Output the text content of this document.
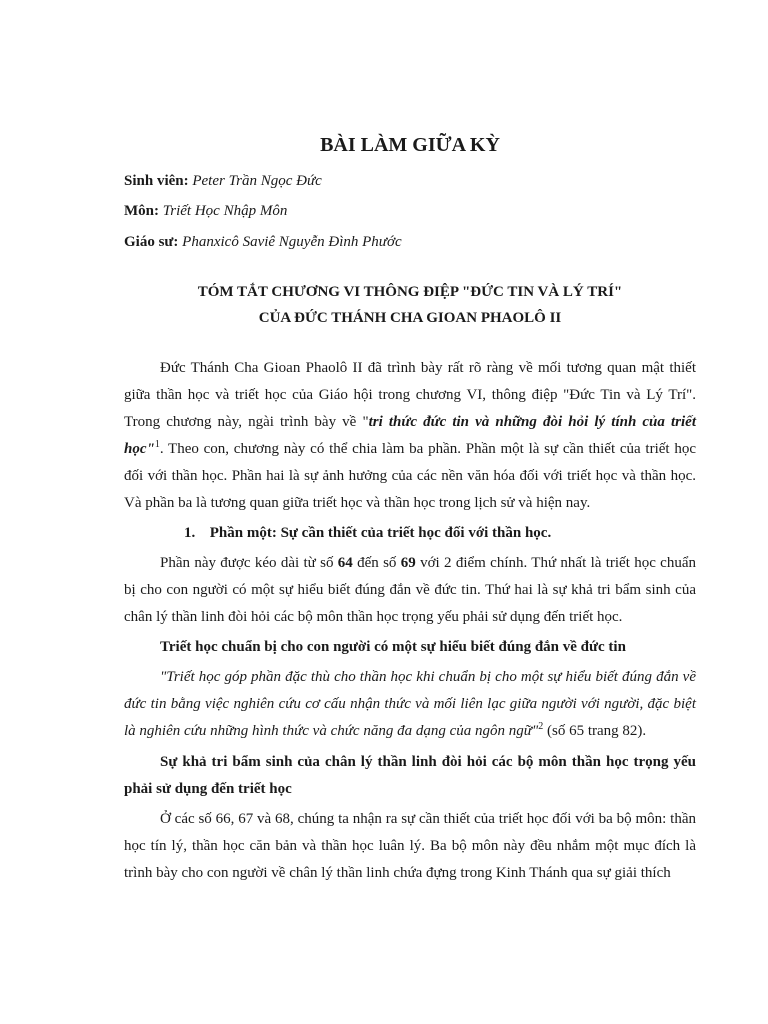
BÀI LÀM GIỮA KỲ
Sinh viên: Peter Trần Ngọc Đức
Môn: Triết Học Nhập Môn
Giáo sư: Phanxicô Saviê Nguyễn Đình Phước
TÓM TẮT CHƯƠNG VI THÔNG ĐIỆP "ĐỨC TIN VÀ LÝ TRÍ"
CỦA ĐỨC THÁNH CHA GIOAN PHAOLÔ II
Đức Thánh Cha Gioan Phaolô II đã trình bày rất rõ ràng về mối tương quan mật thiết giữa thần học và triết học của Giáo hội trong chương VI, thông điệp "Đức Tin và Lý Trí". Trong chương này, ngài trình bày về "tri thức đức tin và những đòi hỏi lý tính của triết học"$^1$. Theo con, chương này có thể chia làm ba phần. Phần một là sự cần thiết của triết học đối với thần học. Phần hai là sự ảnh hưởng của các nền văn hóa đối với triết học và thần học. Và phần ba là tương quan giữa triết học và thần học trong lịch sử và hiện nay.
1. Phần một: Sự cần thiết của triết học đối với thần học.
Phần này được kéo dài từ số 64 đến số 69 với 2 điểm chính. Thứ nhất là triết học chuẩn bị cho con người có một sự hiểu biết đúng đắn về đức tin. Thứ hai là sự khả tri bẩm sinh của chân lý thần linh đòi hỏi các bộ môn thần học trọng yếu phải sử dụng đến triết học.
Triết học chuẩn bị cho con người có một sự hiểu biết đúng đắn về đức tin
"Triết học góp phần đặc thù cho thần học khi chuẩn bị cho một sự hiểu biết đúng đắn về đức tin bằng việc nghiên cứu cơ cấu nhận thức và mối liên lạc giữa người với người, đặc biệt là nghiên cứu những hình thức và chức năng đa dạng của ngôn ngữ"$^2$ (số 65 trang 82).
Sự khả tri bẩm sinh của chân lý thần linh đòi hỏi các bộ môn thần học trọng yếu phải sử dụng đến triết học
Ở các số 66, 67 và 68, chúng ta nhận ra sự cần thiết của triết học đối với ba bộ môn: thần học tín lý, thần học căn bản và thần học luân lý. Ba bộ môn này đều nhắm một mục đích là trình bày cho con người về chân lý thần linh chứa đựng trong Kinh Thánh qua sự giải thích
